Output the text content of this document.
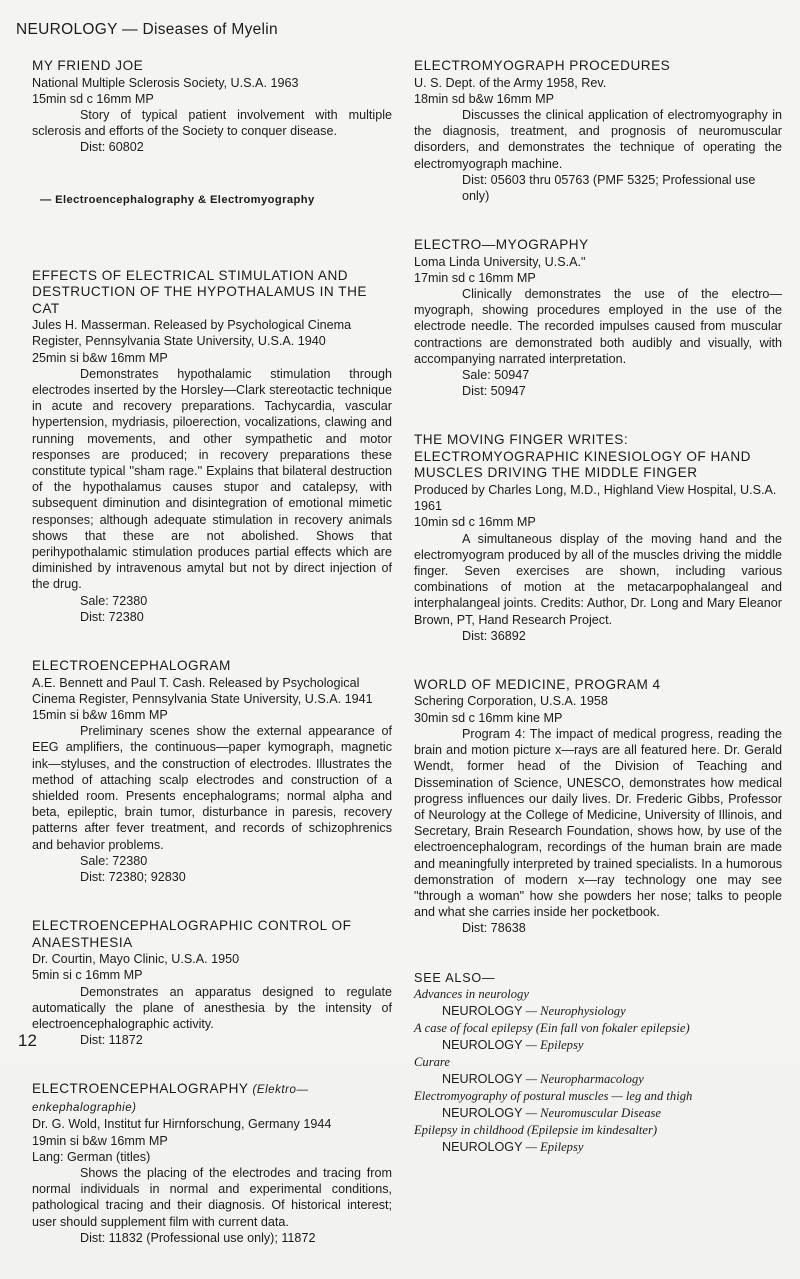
NEUROLOGY — Diseases of Myelin

MY FRIEND JOE

National Multiple Sclerosis Society, U.S.A. 1963

15min sd c 16mm MP

Story of typical patient involvement with multiple sclerosis and efforts of the Society to conquer disease.

Dist: 60802

— Electroencephalography & Electromyography

EFFECTS OF ELECTRICAL STIMULATION AND DESTRUCTION OF THE HYPOTHALAMUS IN THE CAT

Jules H. Masserman. Released by Psychological Cinema Register, Pennsylvania State University, U.S.A. 1940

25min si b&w 16mm MP

Demonstrates hypothalamic stimulation through electrodes inserted by the Horsley—Clark stereotactic technique in acute and recovery preparations. Tachycardia, vascular hypertension, mydriasis, piloerection, vocalizations, clawing and running movements, and other sympathetic and motor responses are produced; in recovery preparations these constitute typical ''sham rage.'' Explains that bilateral destruction of the hypothalamus causes stupor and catalepsy, with subsequent diminution and disintegration of emotional mimetic responses; although adequate stimulation in recovery animals shows that these are not abolished. Shows that perihypothalamic stimulation produces partial effects which are diminished by intravenous amytal but not by direct injection of the drug.

Sale: 72380

Dist: 72380

ELECTROENCEPHALOGRAM

A.E. Bennett and Paul T. Cash. Released by Psychological Cinema Register, Pennsylvania State University, U.S.A. 1941

15min si b&w 16mm MP

Preliminary scenes show the external appearance of EEG amplifiers, the continuous—paper kymograph, magnetic ink—styluses, and the construction of electrodes. Illustrates the method of attaching scalp electrodes and construction of a shielded room. Presents encephalograms; normal alpha and beta, epileptic, brain tumor, disturbance in paresis, recovery patterns after fever treatment, and records of schizophrenics and behavior problems.

Sale: 72380

Dist: 72380; 92830

ELECTROENCEPHALOGRAPHIC CONTROL OF ANAESTHESIA

Dr. Courtin, Mayo Clinic, U.S.A. 1950

5min si c 16mm MP

Demonstrates an apparatus designed to regulate automatically the plane of anesthesia by the intensity of electroencephalographic activity.

Dist: 11872

ELECTROENCEPHALOGRAPHY (Elektro—enkephalographie)

Dr. G. Wold, Institut fur Hirnforschung, Germany 1944

19min si b&w 16mm MP

Lang: German (titles)

Shows the placing of the electrodes and tracing from normal individuals in normal and experimental conditions, pathological tracing and their diagnosis. Of historical interest; user should supplement film with current data.

Dist: 11832 (Professional use only); 11872

ELECTROMYOGRAPH PROCEDURES

U. S. Dept. of the Army 1958, Rev.

18min sd b&w 16mm MP

Discusses the clinical application of electromyography in the diagnosis, treatment, and prognosis of neuromuscular disorders, and demonstrates the technique of operating the electromyograph machine.

Dist: 05603 thru 05763 (PMF 5325; Professional use only)

ELECTRO—MYOGRAPHY

Loma Linda University, U.S.A."

17min sd c 16mm MP

Clinically demonstrates the use of the electro—myograph, showing procedures employed in the use of the electrode needle. The recorded impulses caused from muscular contractions are demonstrated both audibly and visually, with accompanying narrated interpretation.

Sale: 50947

Dist: 50947

THE MOVING FINGER WRITES: ELECTROMYOGRAPHIC KINESIOLOGY OF HAND MUSCLES DRIVING THE MIDDLE FINGER

Produced by Charles Long, M.D., Highland View Hospital, U.S.A. 1961

10min sd c 16mm MP

A simultaneous display of the moving hand and the electromyogram produced by all of the muscles driving the middle finger. Seven exercises are shown, including various combinations of motion at the metacarpophalangeal and interphalangeal joints. Credits: Author, Dr. Long and Mary Eleanor Brown, PT, Hand Research Project.

Dist: 36892

WORLD OF MEDICINE, PROGRAM 4

Schering Corporation, U.S.A. 1958

30min sd c 16mm kine MP

Program 4: The impact of medical progress, reading the brain and motion picture x—rays are all featured here. Dr. Gerald Wendt, former head of the Division of Teaching and Dissemination of Science, UNESCO, demonstrates how medical progress influences our daily lives. Dr. Frederic Gibbs, Professor of Neurology at the College of Medicine, University of Illinois, and Secretary, Brain Research Foundation, shows how, by use of the electroencephalogram, recordings of the human brain are made and meaningfully interpreted by trained specialists. In a humorous demonstration of modern x—ray technology one may see "through a woman" how she powders her nose; talks to people and what she carries inside her pocketbook.

Dist: 78638

SEE ALSO—
Advances in neurology
NEUROLOGY — Neurophysiology
A case of focal epilepsy (Ein fall von fokaler epilepsie)
NEUROLOGY — Epilepsy
Curare
NEUROLOGY — Neuropharmacology
Electromyography of postural muscles — leg and thigh
NEUROLOGY — Neuromuscular Disease
Epilepsy in childhood (Epilepsie im kindesalter)
NEUROLOGY — Epilepsy
12
